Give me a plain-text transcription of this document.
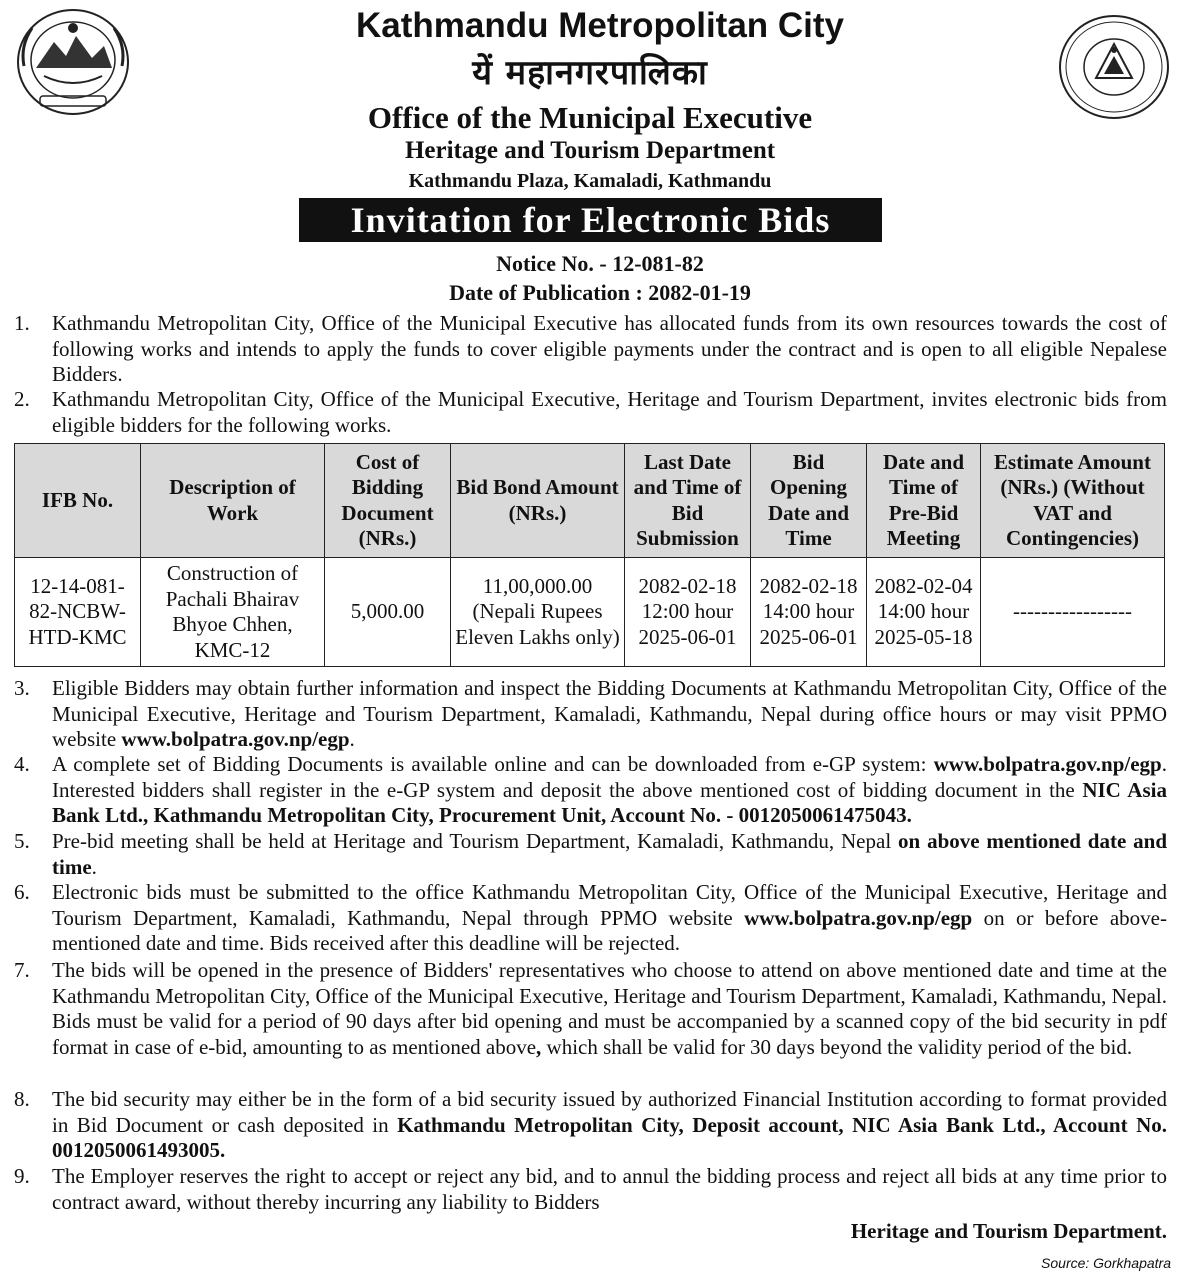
Kathmandu Metropolitan City
यें महानगरपालिका
Office of the Municipal Executive
Heritage and Tourism Department
Kathmandu Plaza, Kamaladi, Kathmandu
Invitation for Electronic Bids
Notice No. - 12-081-82
Date of Publication : 2082-01-19
1.	Kathmandu Metropolitan City, Office of the Municipal Executive has allocated funds from its own resources towards the cost of following works and intends to apply the funds to cover eligible payments under the contract and is open to all eligible Nepalese Bidders.
2.	Kathmandu Metropolitan City, Office of the Municipal Executive, Heritage and Tourism Department, invites electronic bids from eligible bidders for the following works.
IFB No.	Description of Work	Cost of Bidding Document (NRs.)	Bid Bond Amount (NRs.)	Last Date and Time of Bid Submission	Bid Opening Date and Time	Date and Time of Pre-Bid Meeting	Estimate Amount (NRs.) (Without VAT and Contingencies)
12-14-081-82-NCBW-HTD-KMC	Construction of Pachali Bhairav Bhyoe Chhen, KMC-12	5,000.00	11,00,000.00 (Nepali Rupees Eleven Lakhs only)	2082-02-18 12:00 hour 2025-06-01	2082-02-18 14:00 hour 2025-06-01	2082-02-04 14:00 hour 2025-05-18	-----------------
3.	Eligible Bidders may obtain further information and inspect the Bidding Documents at Kathmandu Metropolitan City, Office of the Municipal Executive, Heritage and Tourism Department, Kamaladi, Kathmandu, Nepal during office hours or may visit PPMO website www.bolpatra.gov.np/egp.
4.	A complete set of Bidding Documents is available online and can be downloaded from e-GP system: www.bolpatra.gov.np/egp. Interested bidders shall register in the e-GP system and deposit the above mentioned cost of bidding document in the NIC Asia Bank Ltd., Kathmandu Metropolitan City, Procurement Unit, Account No. - 0012050061475043.
5.	Pre-bid meeting shall be held at Heritage and Tourism Department, Kamaladi, Kathmandu, Nepal on above mentioned date and time.
6.	Electronic bids must be submitted to the office Kathmandu Metropolitan City, Office of the Municipal Executive, Heritage and Tourism Department, Kamaladi, Kathmandu, Nepal through PPMO website www.bolpatra.gov.np/egp on or before above-mentioned date and time. Bids received after this deadline will be rejected.
7.	The bids will be opened in the presence of Bidders' representatives who choose to attend on above mentioned date and time at the Kathmandu Metropolitan City, Office of the Municipal Executive, Heritage and Tourism Department, Kamaladi, Kathmandu, Nepal. Bids must be valid for a period of 90 days after bid opening and must be accompanied by a scanned copy of the bid security in pdf format in case of e-bid, amounting to as mentioned above, which shall be valid for 30 days beyond the validity period of the bid.
8.	The bid security may either be in the form of a bid security issued by authorized Financial Institution according to format provided in Bid Document or cash deposited in Kathmandu Metropolitan City, Deposit account, NIC Asia Bank Ltd., Account No. 0012050061493005.
9.	The Employer reserves the right to accept or reject any bid, and to annul the bidding process and reject all bids at any time prior to contract award, without thereby incurring any liability to Bidders
Heritage and Tourism Department.
Source: Gorkhapatra
